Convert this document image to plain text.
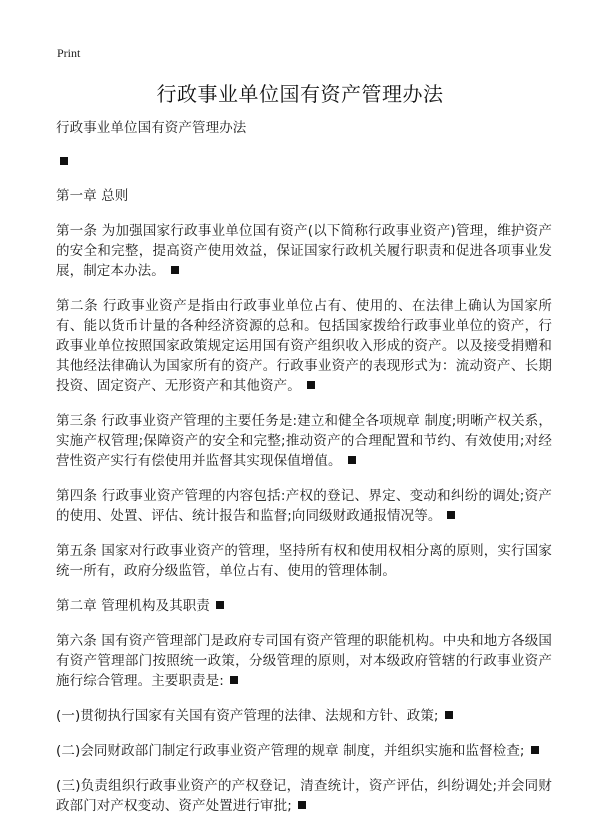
Print
行政事业单位国有资产管理办法

行政事业单位国有资产管理办法

第一章 总则

第一条 为加强国家行政事业单位国有资产(以下简称行政事业资产)管理，维护资产的安全和完整，提高资产使用效益，保证国家行政机关履行职责和促进各项事业发展，制定本办法。

第二条 行政事业资产是指由行政事业单位占有、使用的、在法律上确认为国家所有、能以货币计量的各种经济资源的总和。包括国家拨给行政事业单位的资产，行政事业单位按照国家政策规定运用国有资产组织收入形成的资产。以及接受捐赠和其他经法律确认为国家所有的资产。行政事业资产的表现形式为：流动资产、长期投资、固定资产、无形资产和其他资产。

第三条 行政事业资产管理的主要任务是:建立和健全各项规章 制度;明晰产权关系，实施产权管理;保障资产的安全和完整;推动资产的合理配置和节约、有效使用;对经营性资产实行有偿使用并监督其实现保值增值。

第四条 行政事业资产管理的内容包括:产权的登记、界定、变动和纠纷的调处;资产的使用、处置、评估、统计报告和监督;向同级财政通报情况等。

第五条 国家对行政事业资产的管理，坚持所有权和使用权相分离的原则，实行国家统一所有，政府分级监管，单位占有、使用的管理体制。

第二章 管理机构及其职责

第六条 国有资产管理部门是政府专司国有资产管理的职能机构。中央和地方各级国有资产管理部门按照统一政策，分级管理的原则，对本级政府管辖的行政事业资产施行综合管理。主要职责是:

(一)贯彻执行国家有关国有资产管理的法律、法规和方针、政策;

(二)会同财政部门制定行政事业资产管理的规章 制度，并组织实施和监督检查;

(三)负责组织行政事业资产的产权登记，清查统计，资产评估，纠纷调处;并会同财政部门对产权变动、资产处置进行审批;
